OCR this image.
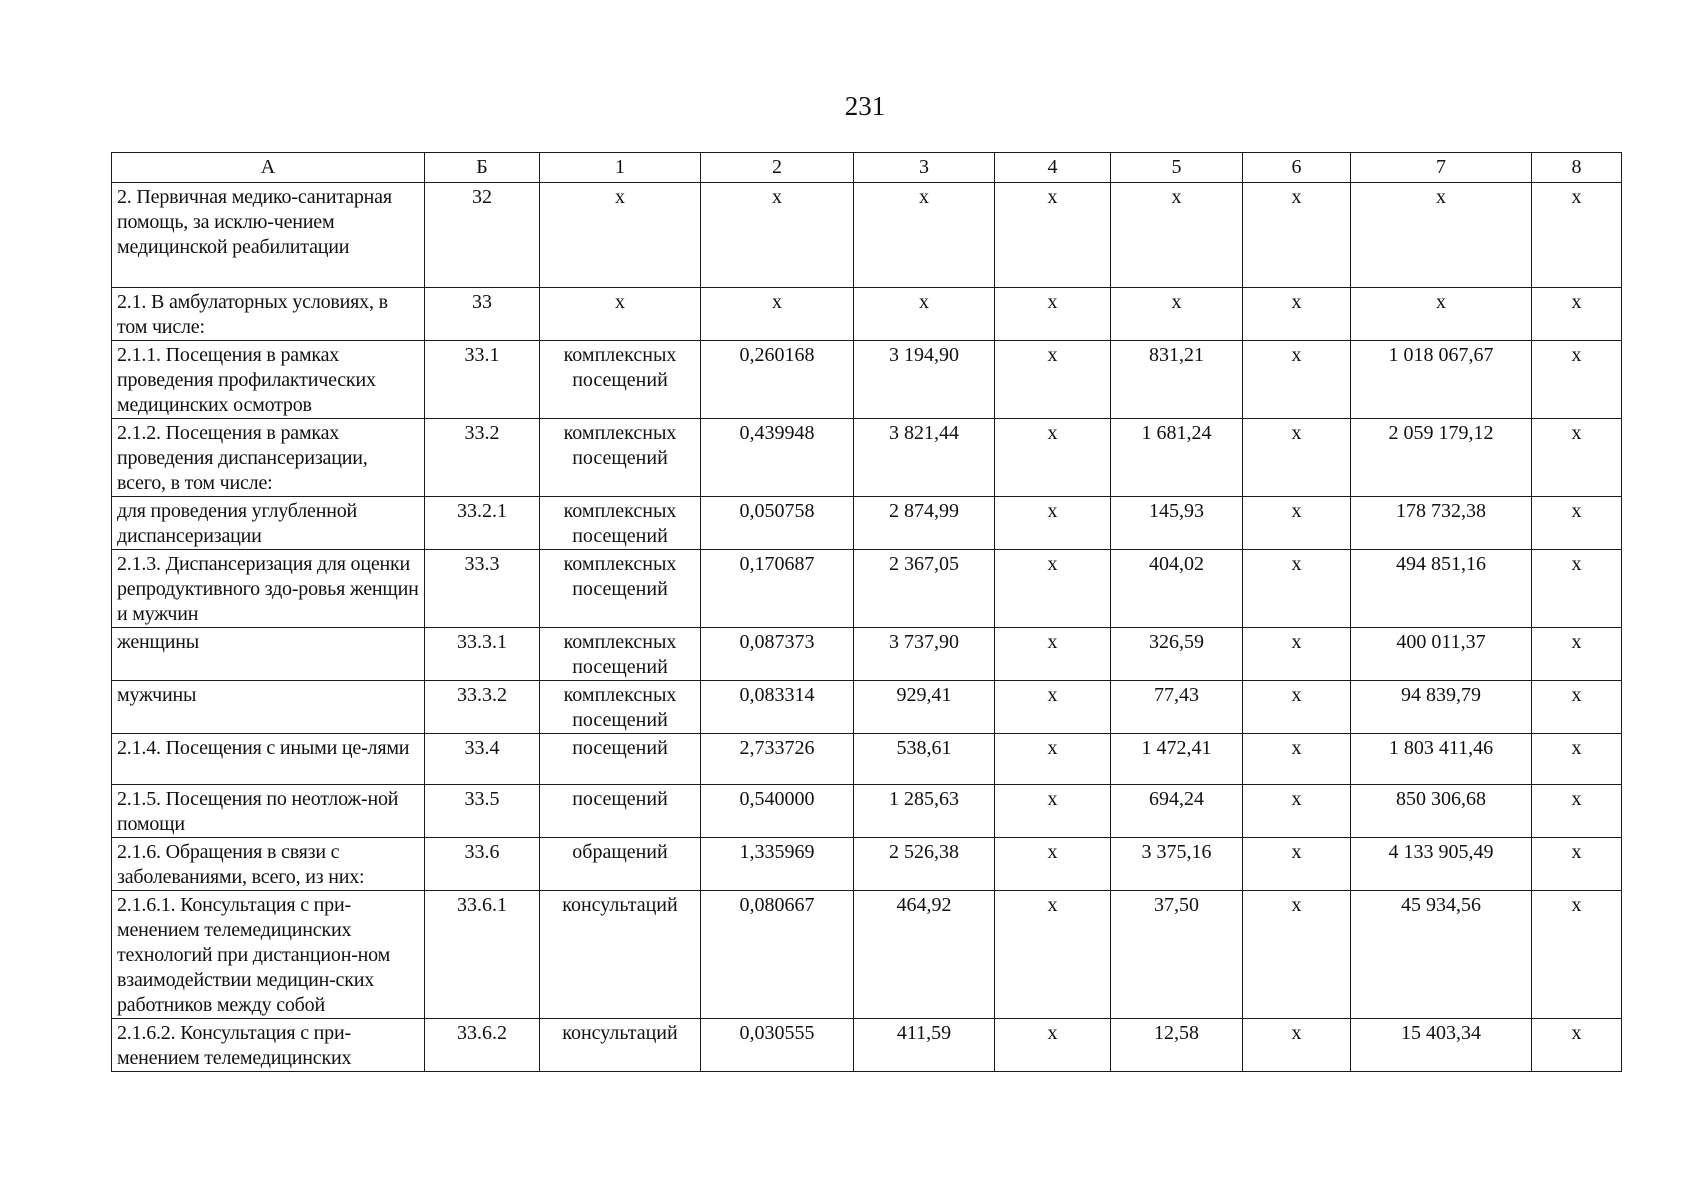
231
А	Б	1	2	3	4	5	6	7	8
2. Первичная медико-санитарная помощь, за исклю-чением медицинской реабилитации	32	х	х	х	х	х	х	х	х
2.1. В амбулаторных условиях, в том числе:	33	х	х	х	х	х	х	х	х
2.1.1. Посещения в рамках проведения профилактических медицинских осмотров	33.1	комплексных посещений	0,260168	3 194,90	х	831,21	х	1 018 067,67	х
2.1.2. Посещения в рамках проведения диспансеризации, всего, в том числе:	33.2	комплексных посещений	0,439948	3 821,44	х	1 681,24	х	2 059 179,12	х
для проведения углубленной диспансеризации	33.2.1	комплексных посещений	0,050758	2 874,99	х	145,93	х	178 732,38	х
2.1.3. Диспансеризация для оценки репродуктивного здо-ровья женщин и мужчин	33.3	комплексных посещений	0,170687	2 367,05	х	404,02	х	494 851,16	х
женщины	33.3.1	комплексных посещений	0,087373	3 737,90	х	326,59	х	400 011,37	х
мужчины	33.3.2	комплексных посещений	0,083314	929,41	х	77,43	х	94 839,79	х
2.1.4. Посещения с иными це-лями	33.4	посещений	2,733726	538,61	х	1 472,41	х	1 803 411,46	х
2.1.5. Посещения по неотлож-ной помощи	33.5	посещений	0,540000	1 285,63	х	694,24	х	850 306,68	х
2.1.6. Обращения в связи с заболеваниями, всего, из них:	33.6	обращений	1,335969	2 526,38	х	3 375,16	х	4 133 905,49	х
2.1.6.1. Консультация с при-менением телемедицинских технологий при дистанцион-ном взаимодействии медицин-ских работников между собой	33.6.1	консультаций	0,080667	464,92	х	37,50	х	45 934,56	х
2.1.6.2. Консультация с при-менением телемедицинских	33.6.2	консультаций	0,030555	411,59	х	12,58	х	15 403,34	х
